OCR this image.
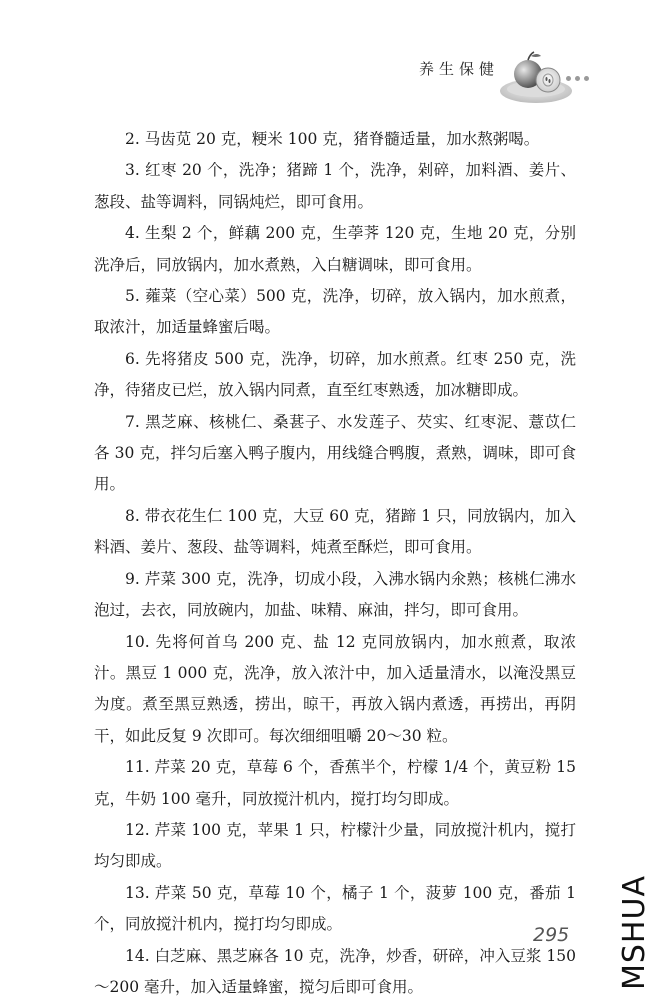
养生保健

2. 马齿苋 20 克，粳米 100 克，猪脊髓适量，加水熬粥喝。

3. 红枣 20 个，洗净；猪蹄 1 个，洗净，剁碎，加料酒、姜片、葱段、盐等调料，同锅炖烂，即可食用。

4. 生梨 2 个，鲜藕 200 克，生荸荠 120 克，生地 20 克，分别洗净后，同放锅内，加水煮熟，入白糖调味，即可食用。

5. 蕹菜（空心菜）500 克，洗净，切碎，放入锅内，加水煎煮，取浓汁，加适量蜂蜜后喝。

6. 先将猪皮 500 克，洗净，切碎，加水煎煮。红枣 250 克，洗净，待猪皮已烂，放入锅内同煮，直至红枣熟透，加冰糖即成。

7. 黑芝麻、核桃仁、桑葚子、水发莲子、芡实、红枣泥、薏苡仁各 30 克，拌匀后塞入鸭子腹内，用线缝合鸭腹，煮熟，调味，即可食用。

8. 带衣花生仁 100 克，大豆 60 克，猪蹄 1 只，同放锅内，加入料酒、姜片、葱段、盐等调料，炖煮至酥烂，即可食用。

9. 芹菜 300 克，洗净，切成小段，入沸水锅内氽熟；核桃仁沸水泡过，去衣，同放碗内，加盐、味精、麻油，拌匀，即可食用。

10. 先将何首乌 200 克、盐 12 克同放锅内，加水煎煮，取浓汁。黑豆 1 000 克，洗净，放入浓汁中，加入适量清水，以淹没黑豆为度。煮至黑豆熟透，捞出，晾干，再放入锅内煮透，再捞出，再阴干，如此反复 9 次即可。每次细细咀嚼 20～30 粒。

11. 芹菜 20 克，草莓 6 个，香蕉半个，柠檬 1/4 个，黄豆粉 15 克，牛奶 100 毫升，同放搅汁机内，搅打均匀即成。

12. 芹菜 100 克，苹果 1 只，柠檬汁少量，同放搅汁机内，搅打均匀即成。

13. 芹菜 50 克，草莓 10 个，橘子 1 个，菠萝 100 克，番茄 1 个，同放搅汁机内，搅打均匀即成。

14. 白芝麻、黑芝麻各 10 克，洗净，炒香，研碎，冲入豆浆 150～200 毫升，加入适量蜂蜜，搅匀后即可食用。

295 MSHUA
